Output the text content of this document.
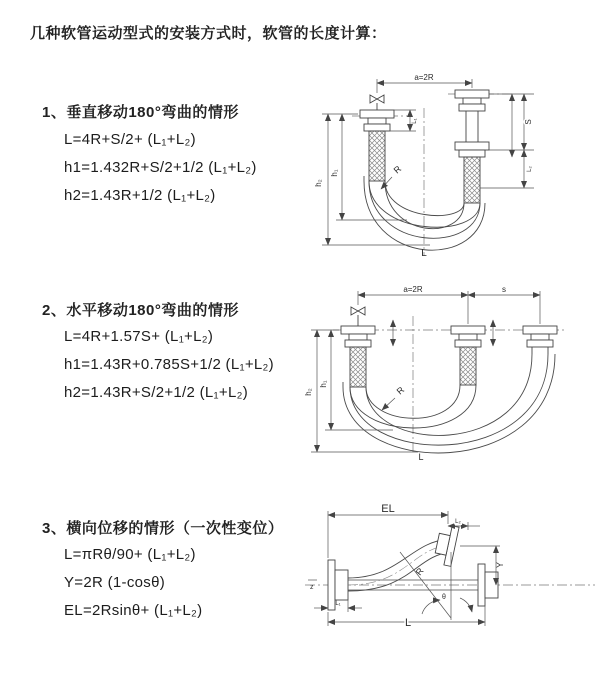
几种软管运动型式的安装方式时，软管的长度计算：
1、垂直移动180°弯曲的情形
L=4R+S/2+ (L₁+L₂)
h1=1.432R+S/2+1/2 (L₁+L₂)
h2=1.43R+1/2 (L₁+L₂)
a=2R
h₂
h₁
L₁	S
L₂
R
L
2、水平移动180°弯曲的情形
L=4R+1.57S+ (L₁+L₂)
h1=1.43R+0.785S+1/2 (L₁+L₂)
h2=1.43R+S/2+1/2 (L₁+L₂)
a=2R	s
h₂
h₁
R
L
3、横向位移的情形（一次性变位）
L=πRθ/90+ (L₁+L₂)
Y=2R (1-cosθ)
EL=2Rsinθ+ (L₁+L₂)
z
EL
L₂
Y
θ
R
L₁
L
